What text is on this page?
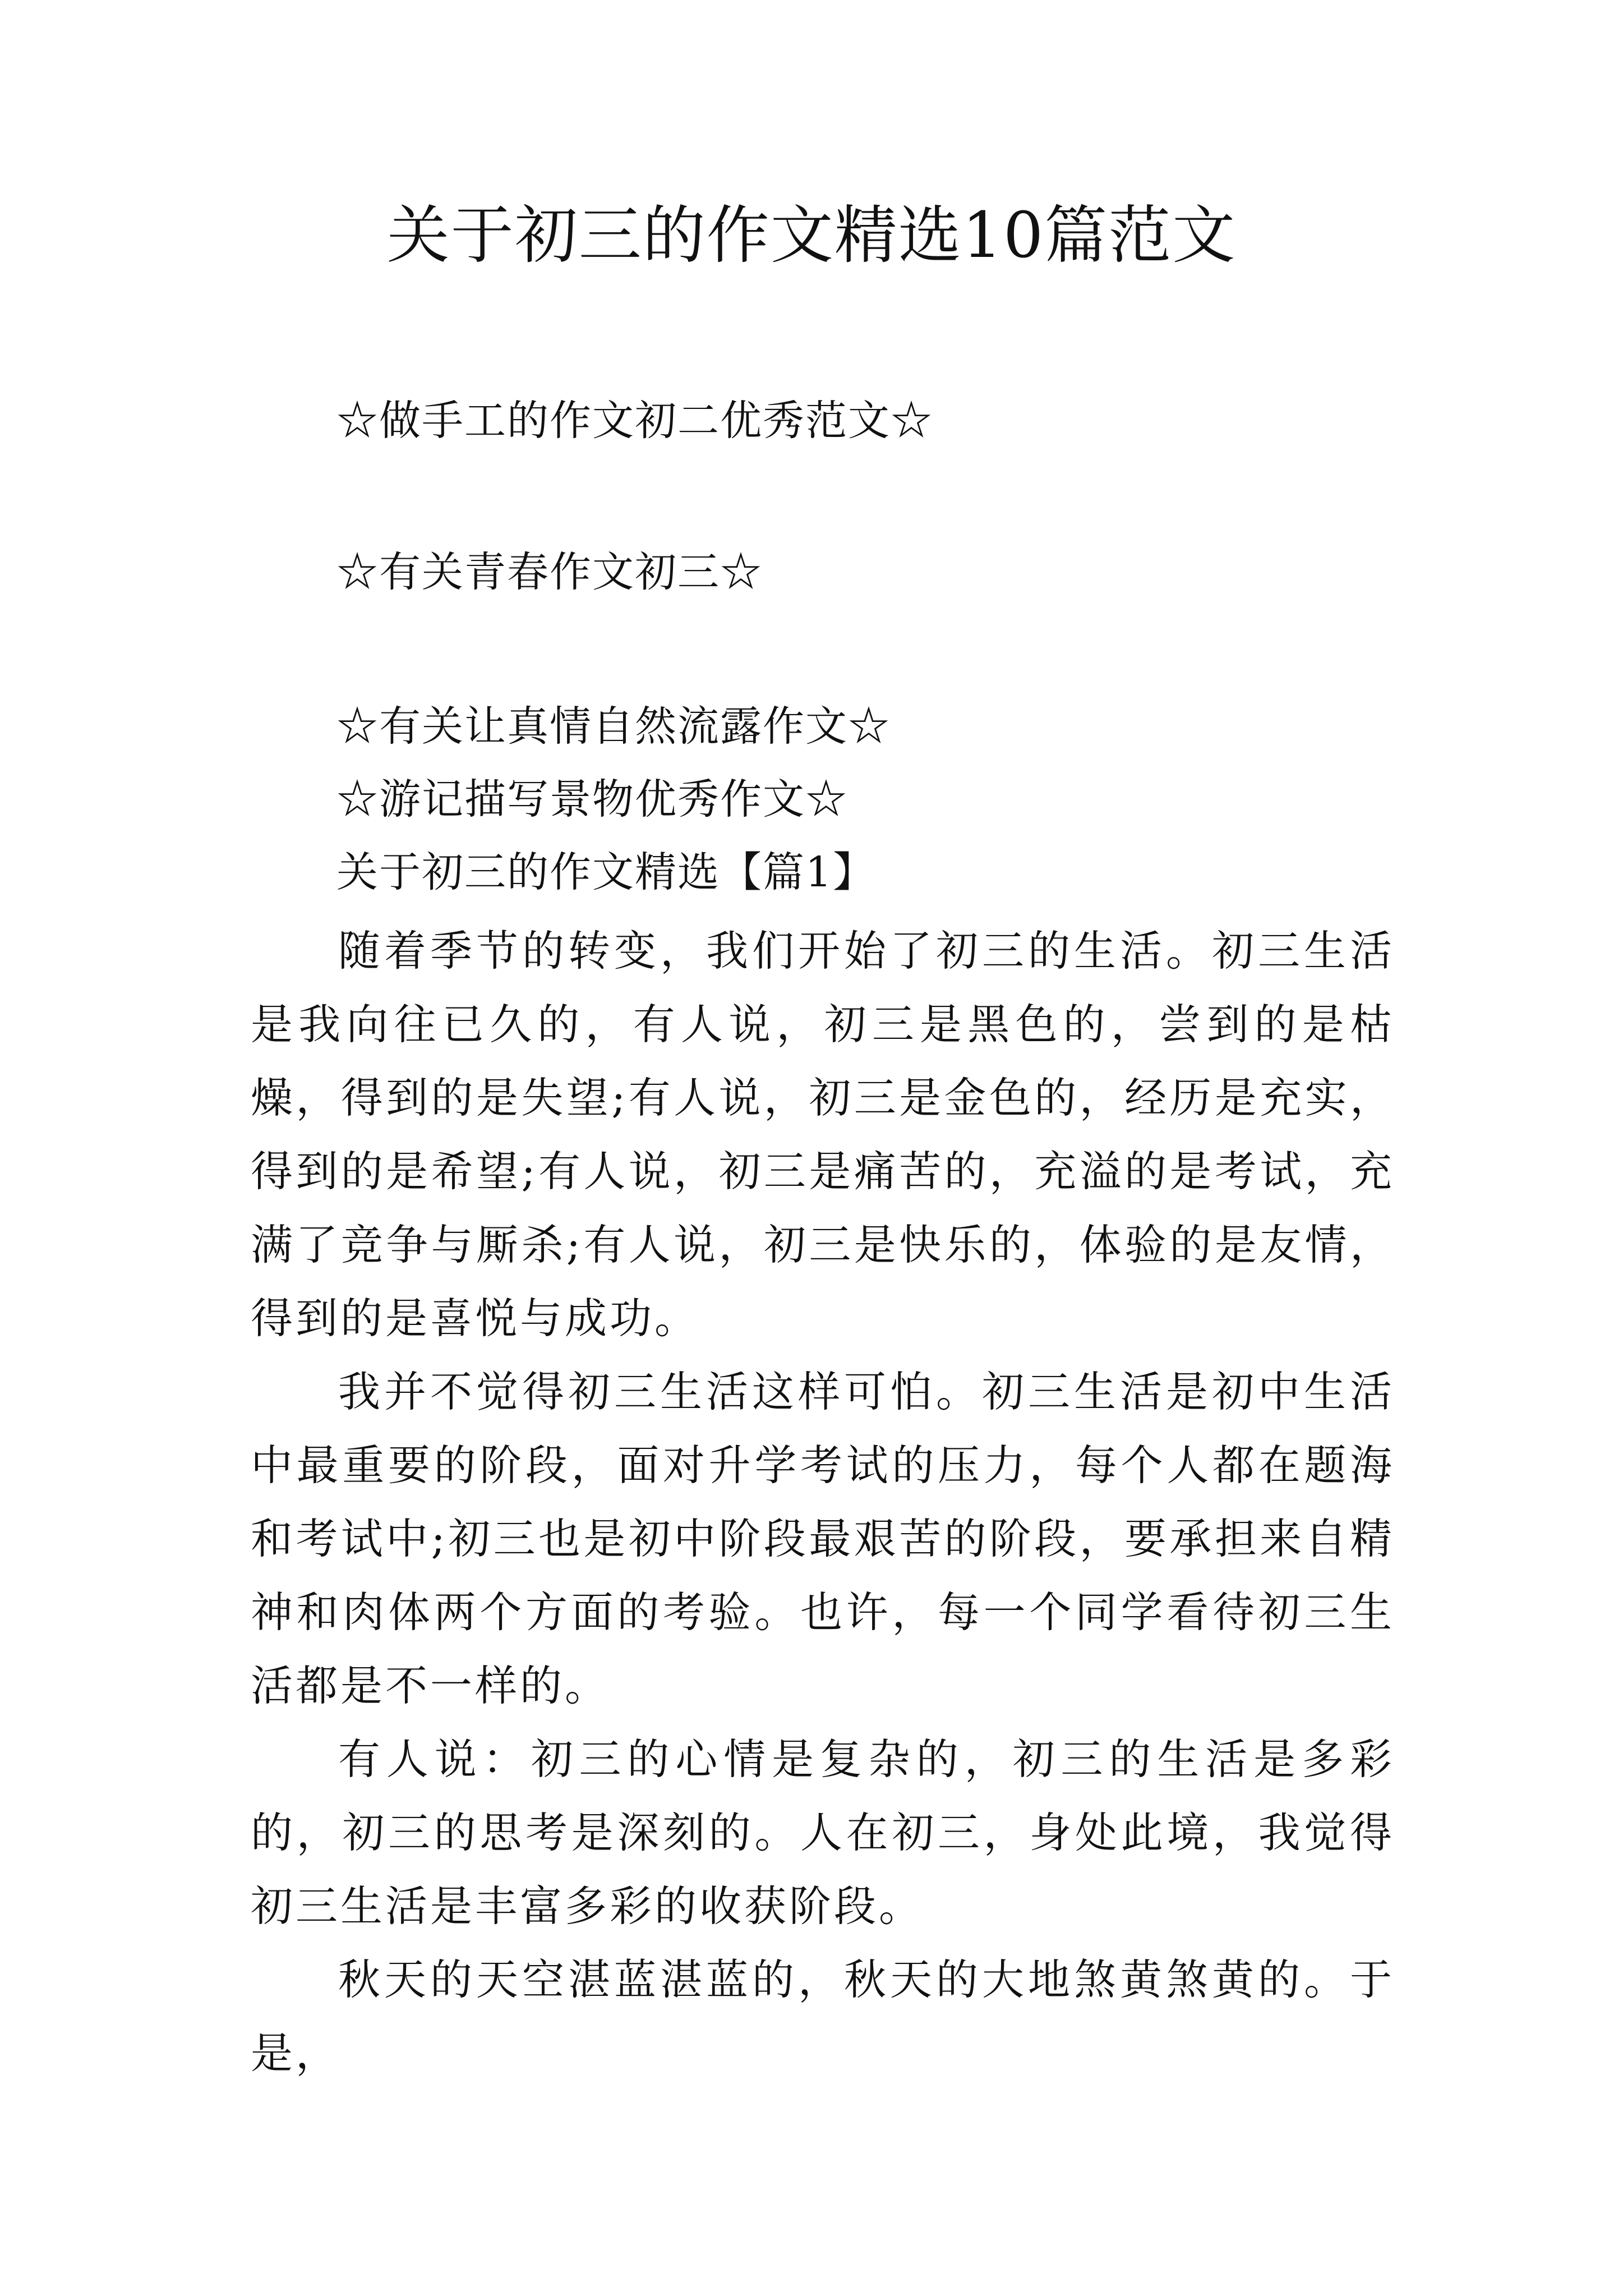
关于初三的作文精选10篇范文
☆做手工的作文初二优秀范文☆
☆有关青春作文初三☆
☆有关让真情自然流露作文☆
☆游记描写景物优秀作文☆
关于初三的作文精选【篇1】

随着季节的转变，我们开始了初三的生活。初三生活是我向往已久的，有人说，初三是黑色的，尝到的是枯燥，得到的是失望;有人说，初三是金色的，经历是充实，得到的是希望;有人说，初三是痛苦的，充溢的是考试，充满了竞争与厮杀;有人说，初三是快乐的，体验的是友情，得到的是喜悦与成功。

我并不觉得初三生活这样可怕。初三生活是初中生活中最重要的阶段，面对升学考试的压力，每个人都在题海和考试中;初三也是初中阶段最艰苦的阶段，要承担来自精神和肉体两个方面的考验。也许，每一个同学看待初三生活都是不一样的。

有人说：初三的心情是复杂的，初三的生活是多彩的，初三的思考是深刻的。人在初三，身处此境，我觉得初三生活是丰富多彩的收获阶段。

秋天的天空湛蓝湛蓝的，秋天的大地煞黄煞黄的。于是，
